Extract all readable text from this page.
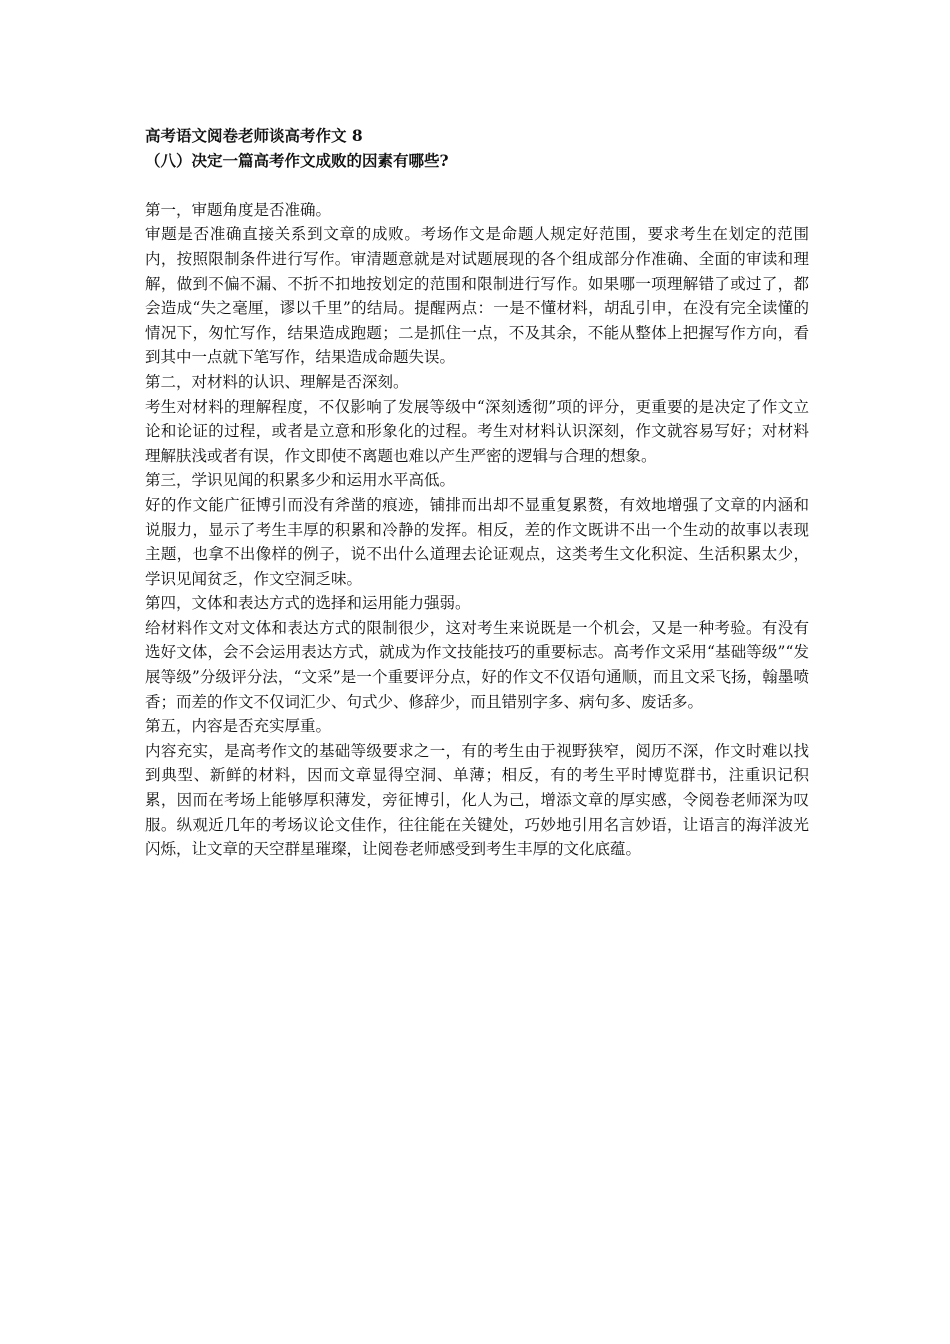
高考语文阅卷老师谈高考作文 8

（八）决定一篇高考作文成败的因素有哪些?

第一，审题角度是否准确。

审题是否准确直接关系到文章的成败。考场作文是命题人规定好范围，要求考生在划定的范围内，按照限制条件进行写作。审清题意就是对试题展现的各个组成部分作准确、全面的审读和理解，做到不偏不漏、不折不扣地按划定的范围和限制进行写作。如果哪一项理解错了或过了，都会造成“失之毫厘，谬以千里”的结局。提醒两点：一是不懂材料，胡乱引申，在没有完全读懂的情况下，匆忙写作，结果造成跑题；二是抓住一点，不及其余，不能从整体上把握写作方向，看到其中一点就下笔写作，结果造成命题失误。

第二，对材料的认识、理解是否深刻。

考生对材料的理解程度，不仅影响了发展等级中“深刻透彻”项的评分，更重要的是决定了作文立论和论证的过程，或者是立意和形象化的过程。考生对材料认识深刻，作文就容易写好；对材料理解肤浅或者有误，作文即使不离题也难以产生严密的逻辑与合理的想象。

第三，学识见闻的积累多少和运用水平高低。

好的作文能广征博引而没有斧凿的痕迹，铺排而出却不显重复累赘，有效地增强了文章的内涵和说服力，显示了考生丰厚的积累和冷静的发挥。相反，差的作文既讲不出一个生动的故事以表现主题，也拿不出像样的例子，说不出什么道理去论证观点，这类考生文化积淀、生活积累太少，学识见闻贫乏，作文空洞乏味。

第四，文体和表达方式的选择和运用能力强弱。

给材料作文对文体和表达方式的限制很少，这对考生来说既是一个机会，又是一种考验。有没有选好文体，会不会运用表达方式，就成为作文技能技巧的重要标志。高考作文采用“基础等级”“发展等级”分级评分法，“文采”是一个重要评分点，好的作文不仅语句通顺，而且文采飞扬，翰墨喷香；而差的作文不仅词汇少、句式少、修辞少，而且错别字多、病句多、废话多。

第五，内容是否充实厚重。

内容充实，是高考作文的基础等级要求之一，有的考生由于视野狭窄，阅历不深，作文时难以找到典型、新鲜的材料，因而文章显得空洞、单薄；相反，有的考生平时博览群书，注重识记积累，因而在考场上能够厚积薄发，旁征博引，化人为己，增添文章的厚实感，令阅卷老师深为叹服。纵观近几年的考场议论文佳作，往往能在关键处，巧妙地引用名言妙语，让语言的海洋波光闪烁，让文章的天空群星璀璨，让阅卷老师感受到考生丰厚的文化底蕴。
